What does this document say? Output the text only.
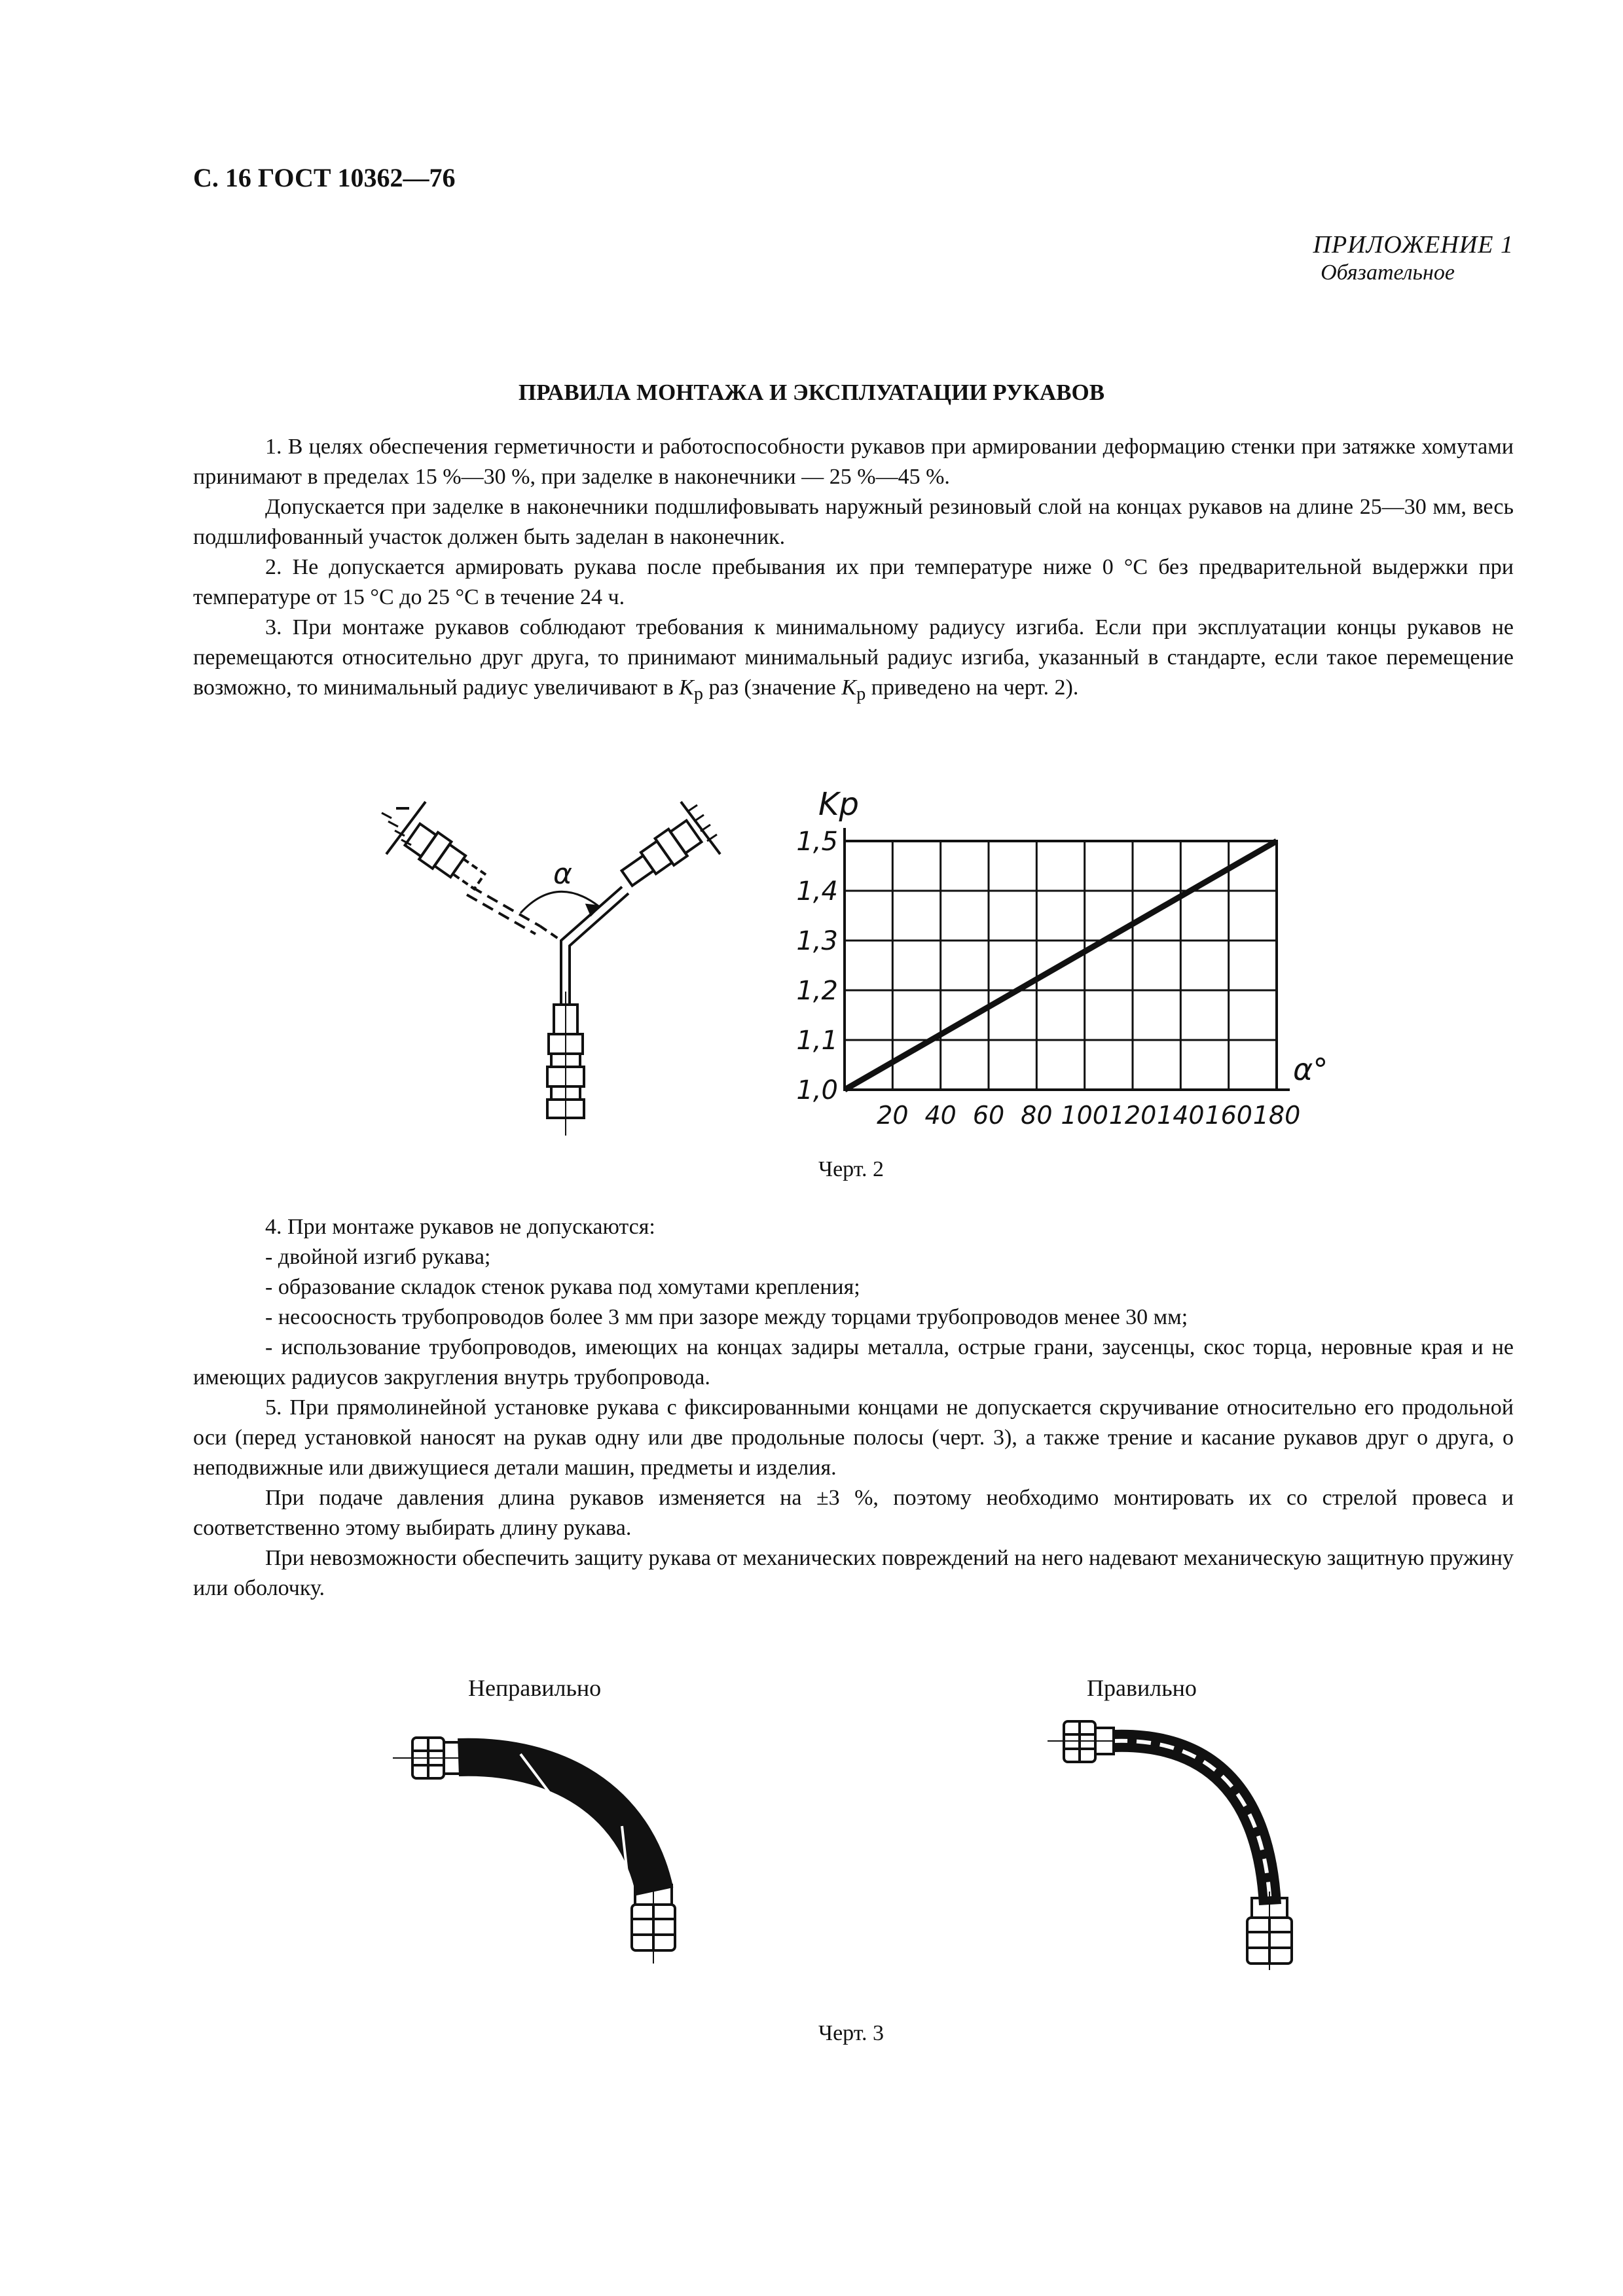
С. 16 ГОСТ 10362—76
ПРИЛОЖЕНИЕ 1
Обязательное
ПРАВИЛА МОНТАЖА И ЭКСПЛУАТАЦИИ РУКАВОВ

1. В целях обеспечения герметичности и работоспособности рукавов при армировании деформацию стенки при затяжке хомутами принимают в пределах 15 %—30 %, при заделке в наконечники — 25 %—45 %.

Допускается при заделке в наконечники подшлифовывать наружный резиновый слой на концах рукавов на длине 25—30 мм, весь подшлифованный участок должен быть заделан в наконечник.

2. Не допускается армировать рукава после пребывания их при температуре ниже 0 °С без предварительной выдержки при температуре от 15 °С до 25 °С в течение 24 ч.

3. При монтаже рукавов соблюдают требования к минимальному радиусу изгиба. Если при эксплуатации концы рукавов не перемещаются относительно друг друга, то принимают минимальный радиус изгиба, указанный в стандарте, если такое перемещение возможно, то минимальный радиус увеличивают в $K_р$ раз (значение $K_р$ приведено на черт. 2).

α
1,0
1,1
1,2
1,3
1,4
1,5
20 40 60 80 100 120 140 160 180
Kр
α°
Черт. 2

4. При монтаже рукавов не допускаются:

- двойной изгиб рукава;

- образование складок стенок рукава под хомутами крепления;

- несоосность трубопроводов более 3 мм при зазоре между торцами трубопроводов менее 30 мм;

- использование трубопроводов, имеющих на концах задиры металла, острые грани, заусенцы, скос торца, неровные края и не имеющих радиусов закругления внутрь трубопровода.

5. При прямолинейной установке рукава с фиксированными концами не допускается скручивание относительно его продольной оси (перед установкой наносят на рукав одну или две продольные полосы (черт. 3), а также трение и касание рукавов друг о друга, о неподвижные или движущиеся детали машин, предметы и изделия.

При подаче давления длина рукавов изменяется на ±3 %, поэтому необходимо монтировать их со стрелой провеса и соответственно этому выбирать длину рукава.

При невозможности обеспечить защиту рукава от механических повреждений на него надевают механическую защитную пружину или оболочку.

Неправильно	Правильно
Черт. 3
